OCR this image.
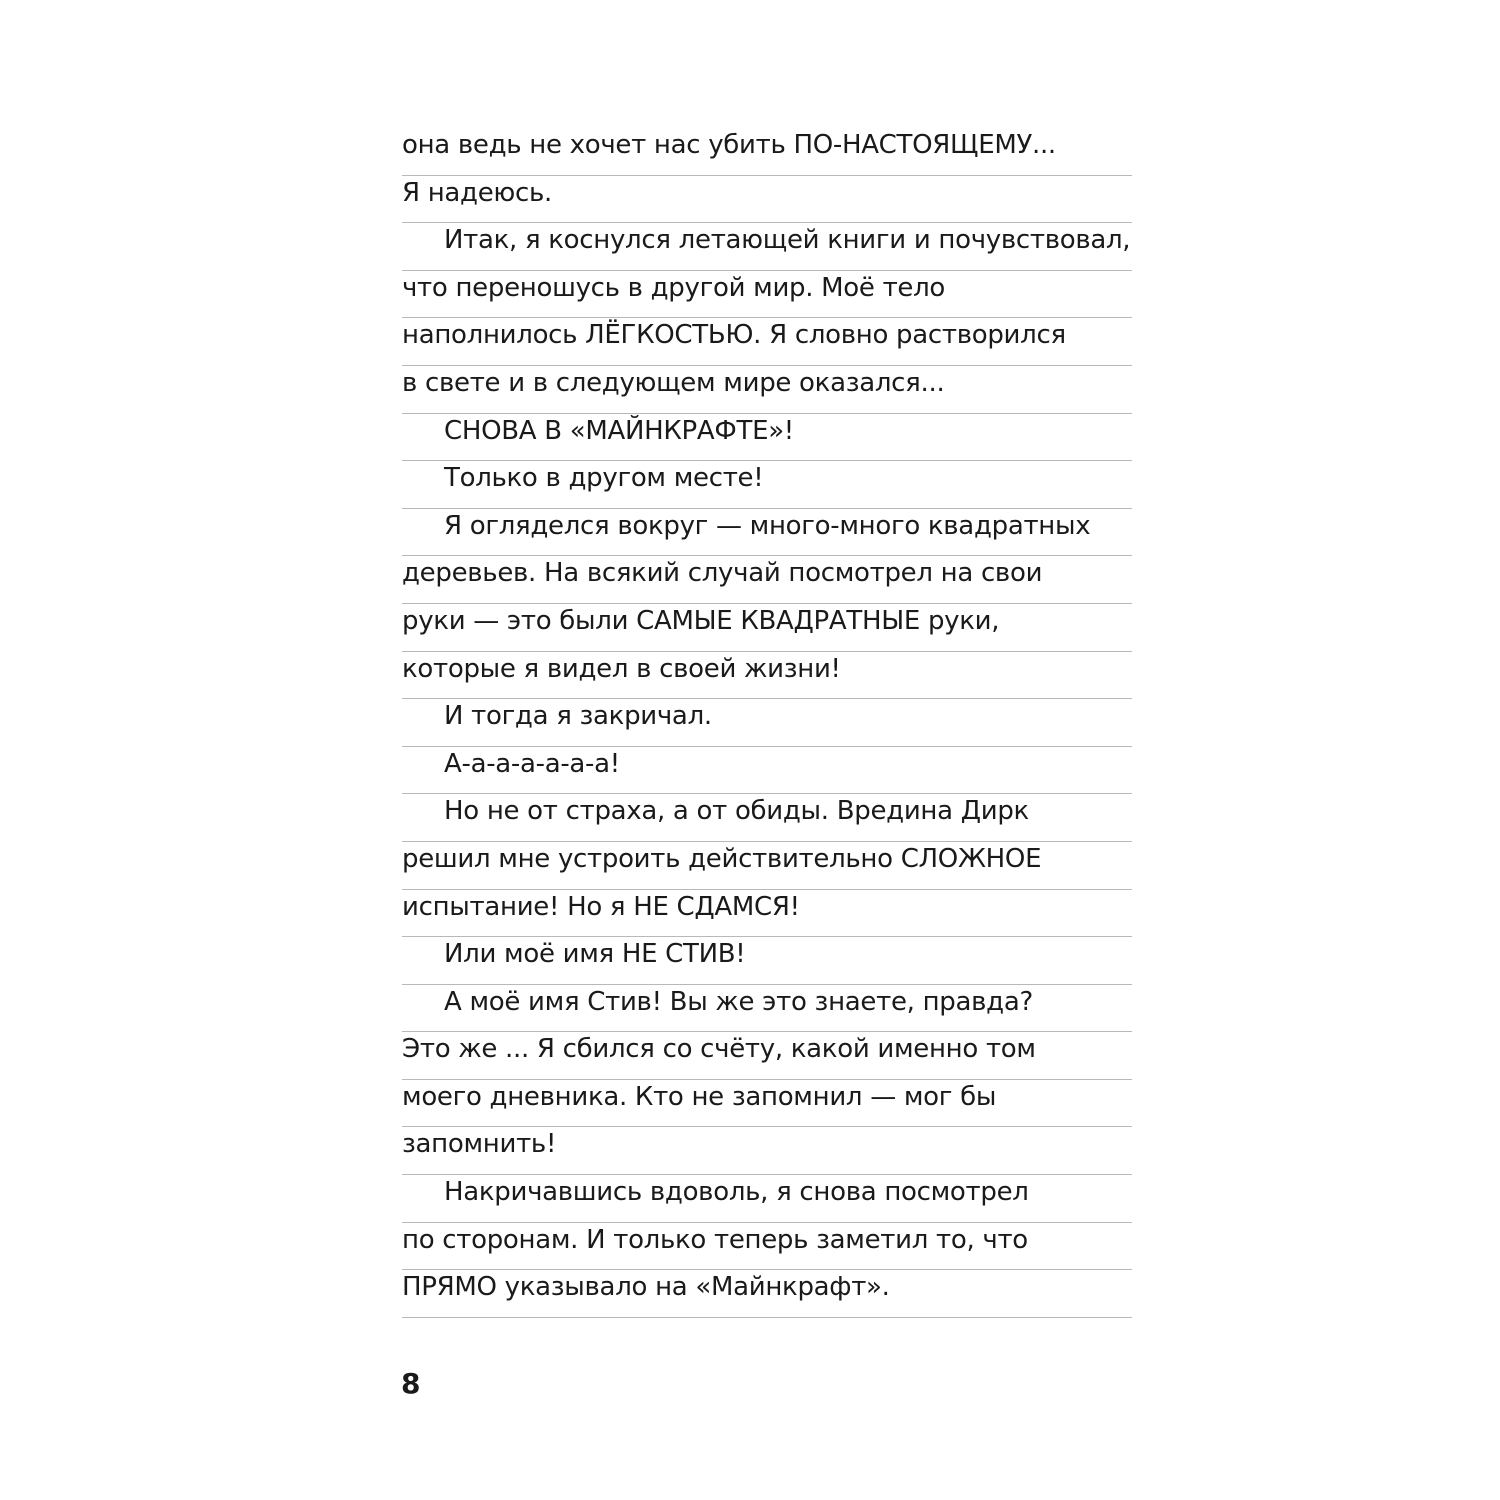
она ведь не хочет нас убить ПО-НАСТОЯЩЕМУ...
Я надеюсь.
Итак, я коснулся летающей книги и почувствовал,
что переношусь в другой мир. Моё тело
наполнилось ЛЁГКОСТЬЮ. Я словно растворился
в свете и в следующем мире оказался...
СНОВА В «МАЙНКРАФТЕ»!
Только в другом месте!
Я огляделся вокруг — много-много квадратных
деревьев. На всякий случай посмотрел на свои
руки — это были САМЫЕ КВАДРАТНЫЕ руки,
которые я видел в своей жизни!
И тогда я закричал.
А-а-а-а-а-а-а!
Но не от страха, а от обиды. Вредина Дирк
решил мне устроить действительно СЛОЖНОЕ
испытание! Но я НЕ СДАМСЯ!
Или моё имя НЕ СТИВ!
А моё имя Стив! Вы же это знаете, правда?
Это же ... Я сбился со счёту, какой именно том
моего дневника. Кто не запомнил — мог бы
запомнить!
Накричавшись вдоволь, я снова посмотрел
по сторонам. И только теперь заметил то, что
ПРЯМО указывало на «Майнкрафт».
8
